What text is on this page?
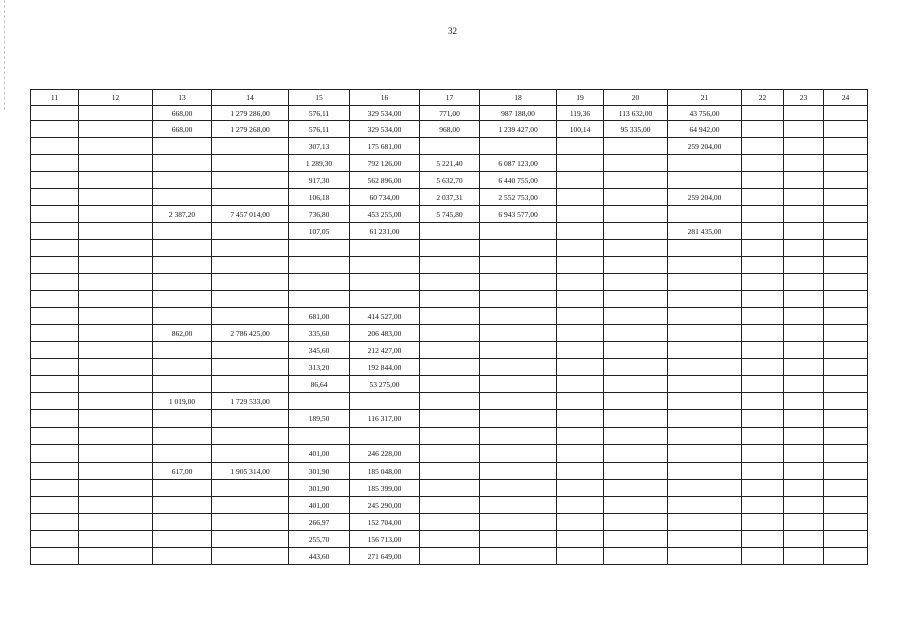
32
11	12	13	14	15	16	17	18	19	20	21	22	23	24
		668,00	1 279 286,00	576,11	329 534,00	771,00	987 188,00	119,36	113 632,00	43 756,00			
		668,00	1 279 268,00	576,11	329 534,00	968,00	1 239 427,00	100,14	95 335,00	64 942,00			
				307,13	175 681,00					259 204,00			
				1 289,30	792 126,00	5 221,40	6 087 123,00						
				917,30	562 896,00	5 632,70	6 440 755,00						
				106,18	60 734,00	2 037,31	2 552 753,00			259 204,00			
		2 387,20	7 457 014,00	736,80	453 255,00	5 745,80	6 943 577,00						
				107,05	61 231,00					281 435,00			

				681,00	414 527,00								
		862,00	2 786 425,00	335,60	206 483,00								
				345,60	212 427,00								
				313,20	192 844,00								
				86,64	53 275,00								
		1 019,00	1 729 533,00										
				189,50	116 317,00								

				401,00	246 228,00								
		617,00	1 905 314,00	301,90	185 048,00								
				301,90	185 399,00								
				401,00	245 290,00								
				266,97	152 704,00								
				255,70	156 713,00								
				443,60	271 649,00								
